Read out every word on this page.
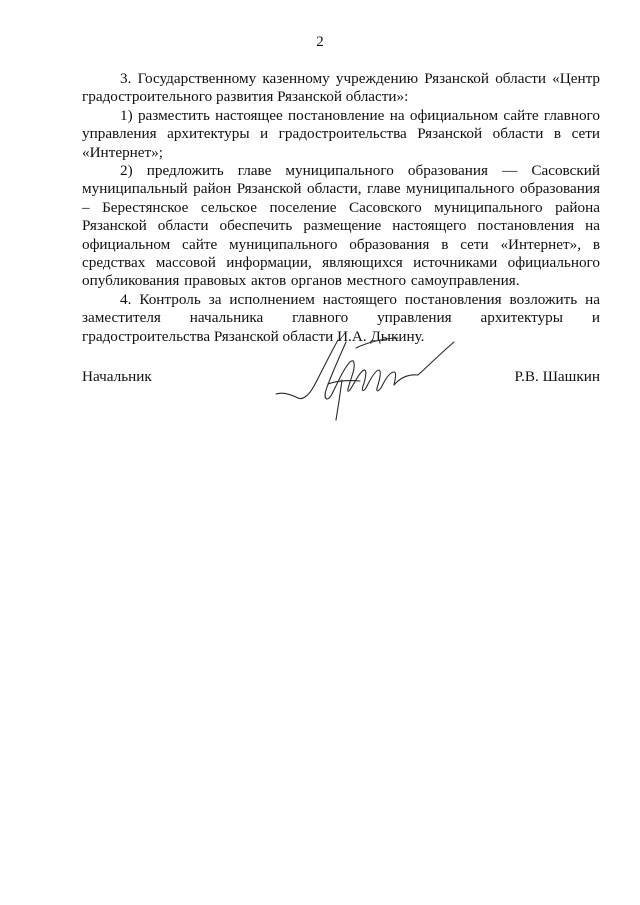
2

3. Государственному казенному учреждению Рязанской области «Центр градостроительного развития Рязанской области»:

1) разместить настоящее постановление на официальном сайте главного управления архитектуры и градостроительства Рязанской области в сети «Интернет»;

2) предложить главе муниципального образования — Сасовский муниципальный район Рязанской области, главе муниципального образования – Берестянское сельское поселение Сасовского муниципального района Рязанской области обеспечить размещение настоящего постановления на официальном сайте муниципального образования в сети «Интернет», в средствах массовой информации, являющихся источниками официального опубликования правовых актов органов местного самоуправления.

4. Контроль за исполнением настоящего постановления возложить на заместителя начальника главного управления архитектуры и градостроительства Рязанской области И.А. Дыкину.

Начальник	Р.В. Шашкин
